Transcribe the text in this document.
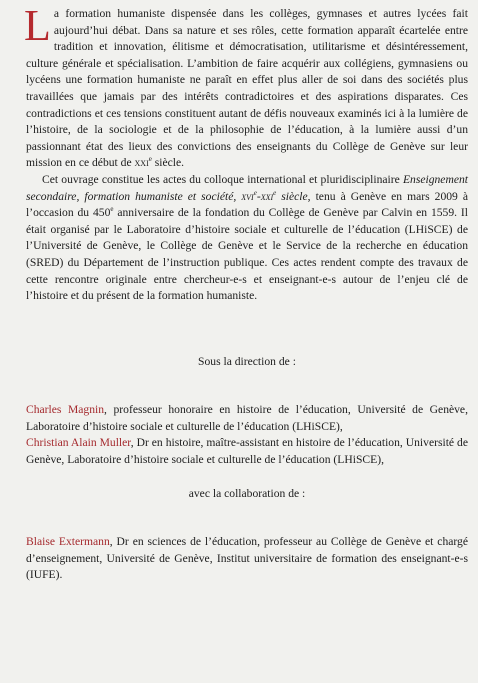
La formation humaniste dispensée dans les collèges, gymnases et autres lycées fait aujourd’hui débat. Dans sa nature et ses rôles, cette formation apparaît écartelée entre tradition et innovation, élitisme et démocratisation, utilitarisme et désintéressement, culture générale et spécialisation. L’ambition de faire acquérir aux collégiens, gymnasiens ou lycéens une formation humaniste ne paraît en effet plus aller de soi dans des sociétés plus travaillées que jamais par des intérêts contradictoires et des aspirations disparates. Ces contradictions et ces tensions constituent autant de défis nouveaux examinés ici à la lumière de l’histoire, de la sociologie et de la philosophie de l’éducation, à la lumière aussi d’un passionnant état des lieux des convictions des enseignants du Collège de Genève sur leur mission en ce début de xxi$^e$ siècle.

Cet ouvrage constitue les actes du colloque international et pluridisciplinaire Enseignement secondaire, formation humaniste et société, xvi$^e$-xxi$^e$ siècle, tenu à Genève en mars 2009 à l’occasion du 450e anniversaire de la fondation du Collège de Genève par Calvin en 1559. Il était organisé par le Laboratoire d’histoire sociale et culturelle de l’éducation (LHiSCE) de l’Université de Genève, le Collège de Genève et le Service de la recherche en éducation (SRED) du Département de l’instruction publique. Ces actes rendent compte des travaux de cette rencontre originale entre chercheur-e-s et enseignant-e-s autour de l’enjeu clé de l’histoire et du présent de la formation humaniste.

Sous la direction de :

Charles Magnin, professeur honoraire en histoire de l’éducation, Université de Genève, Laboratoire d’histoire sociale et culturelle de l’éducation (LHiSCE),

Christian Alain Muller, Dr en histoire, maître-assistant en histoire de l’éducation, Université de Genève, Laboratoire d’histoire sociale et culturelle de l’éducation (LHiSCE),

avec la collaboration de :

Blaise Extermann, Dr en sciences de l’éducation, professeur au Collège de Genève et chargé d’enseignement, Université de Genève, Institut universitaire de formation des enseignant-e-s (IUFE).
